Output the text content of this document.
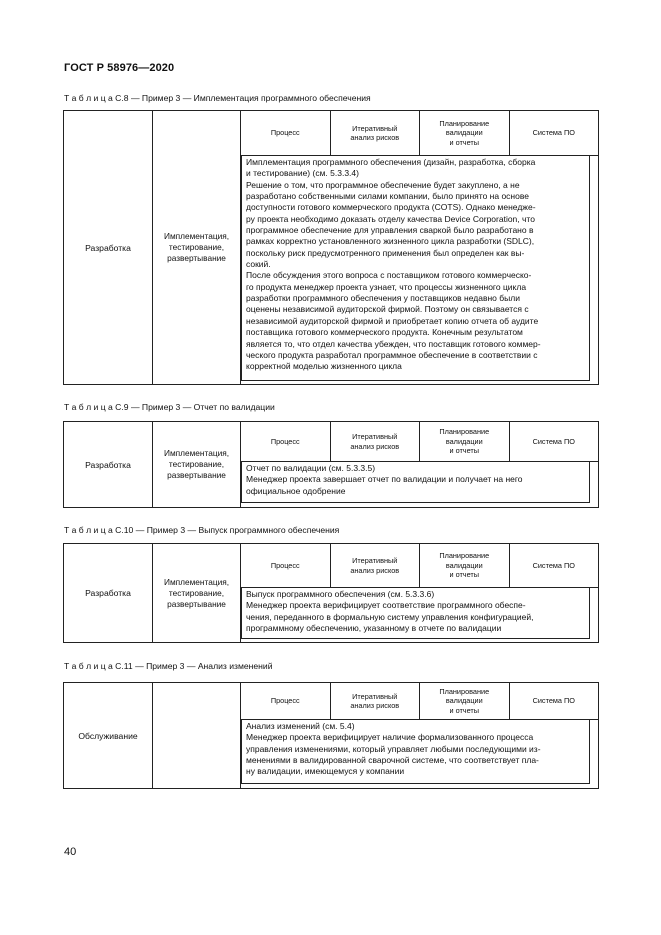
ГОСТ Р 58976—2020
Т а б л и ц а С.8 — Пример 3 — Имплементация программного обеспечения
Разработка
Имплементация,
тестирование,
развертывание
Процесс
Итеративный
анализ рисков
Планирование
валидации
и отчеты
Система ПО

Имплементация программного обеспечения (дизайн, разработка, сборка

и тестирование) (см. 5.3.3.4)

Решение о том, что программное обеспечение будет закуплено, а не

разработано собственными силами компании, было принято на основе

доступности готового коммерческого продукта (COTS). Однако менедже-

ру проекта необходимо доказать отделу качества Device Corporation, что

программное обеспечение для управления сваркой было разработано в

рамках корректно установленного жизненного цикла разработки (SDLC),

поскольку риск предусмотренного применения был определен как вы-

сокий.

После обсуждения этого вопроса с поставщиком готового коммерческо-

го продукта менеджер проекта узнает, что процессы жизненного цикла

разработки программного обеспечения у поставщиков недавно были

оценены независимой аудиторской фирмой. Поэтому он связывается с

независимой аудиторской фирмой и приобретает копию отчета об аудите

поставщика готового коммерческого продукта. Конечным результатом

является то, что отдел качества убежден, что поставщик готового коммер-

ческого продукта разработал программное обеспечение в соответствии с

корректной моделью жизненного цикла

Т а б л и ц а С.9 — Пример 3 — Отчет по валидации
Разработка
Имплементация,
тестирование,
развертывание
Процесс
Итеративный
анализ рисков
Планирование
валидации
и отчеты
Система ПО

Отчет по валидации (см. 5.3.3.5)

Менеджер проекта завершает отчет по валидации и получает на него

официальное одобрение

Т а б л и ц а С.10 — Пример 3 — Выпуск программного обеспечения
Разработка
Имплементация,
тестирование,
развертывание
Процесс
Итеративный
анализ рисков
Планирование
валидации
и отчеты
Система ПО

Выпуск программного обеспечения (см. 5.3.3.6)

Менеджер проекта верифицирует соответствие программного обеспе-

чения, переданного в формальную систему управления конфигурацией,

программному обеспечению, указанному в отчете по валидации

Т а б л и ц а С.11 — Пример 3 — Анализ изменений
Обслуживание
Процесс
Итеративный
анализ рисков
Планирование
валидации
и отчеты
Система ПО

Анализ изменений (см. 5.4)

Менеджер проекта верифицирует наличие формализованного процесса

управления изменениями, который управляет любыми последующими из-

менениями в валидированной сварочной системе, что соответствует пла-

ну валидации, имеющемуся у компании

40
